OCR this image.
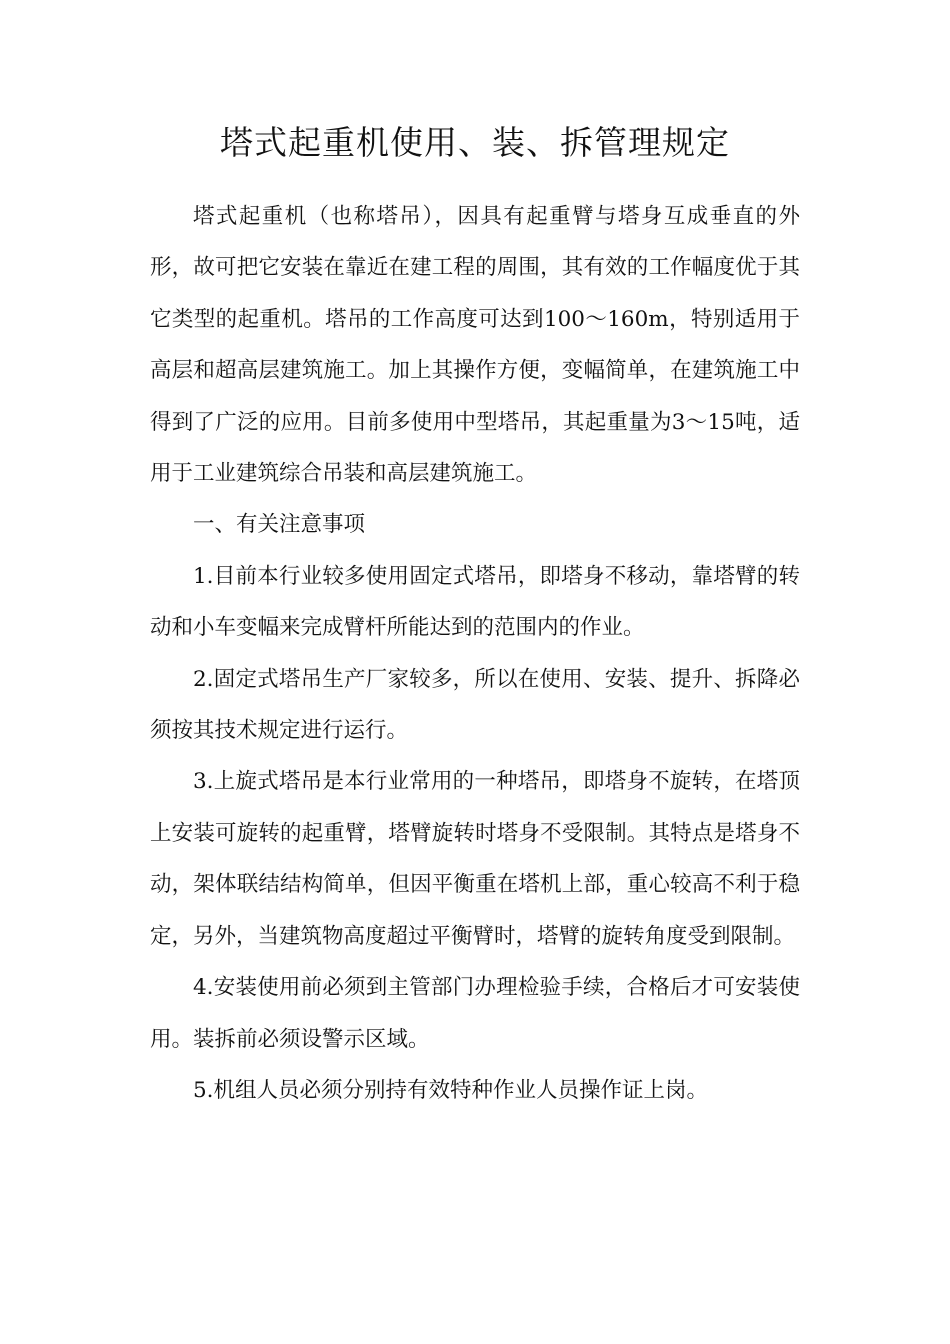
塔式起重机使用、装、拆管理规定

塔式起重机（也称塔吊），因具有起重臂与塔身互成垂直的外形，故可把它安装在靠近在建工程的周围，其有效的工作幅度优于其它类型的起重机。塔吊的工作高度可达到100～160m，特别适用于高层和超高层建筑施工。加上其操作方便，变幅简单，在建筑施工中得到了广泛的应用。目前多使用中型塔吊，其起重量为3～15吨，适用于工业建筑综合吊装和高层建筑施工。

一、有关注意事项

1.目前本行业较多使用固定式塔吊，即塔身不移动，靠塔臂的转动和小车变幅来完成臂杆所能达到的范围内的作业。

2.固定式塔吊生产厂家较多，所以在使用、安装、提升、拆降必须按其技术规定进行运行。

3.上旋式塔吊是本行业常用的一种塔吊，即塔身不旋转，在塔顶上安装可旋转的起重臂，塔臂旋转时塔身不受限制。其特点是塔身不动，架体联结结构简单，但因平衡重在塔机上部，重心较高不利于稳定，另外，当建筑物高度超过平衡臂时，塔臂的旋转角度受到限制。

4.安装使用前必须到主管部门办理检验手续，合格后才可安装使用。装拆前必须设警示区域。

5.机组人员必须分别持有效特种作业人员操作证上岗。
